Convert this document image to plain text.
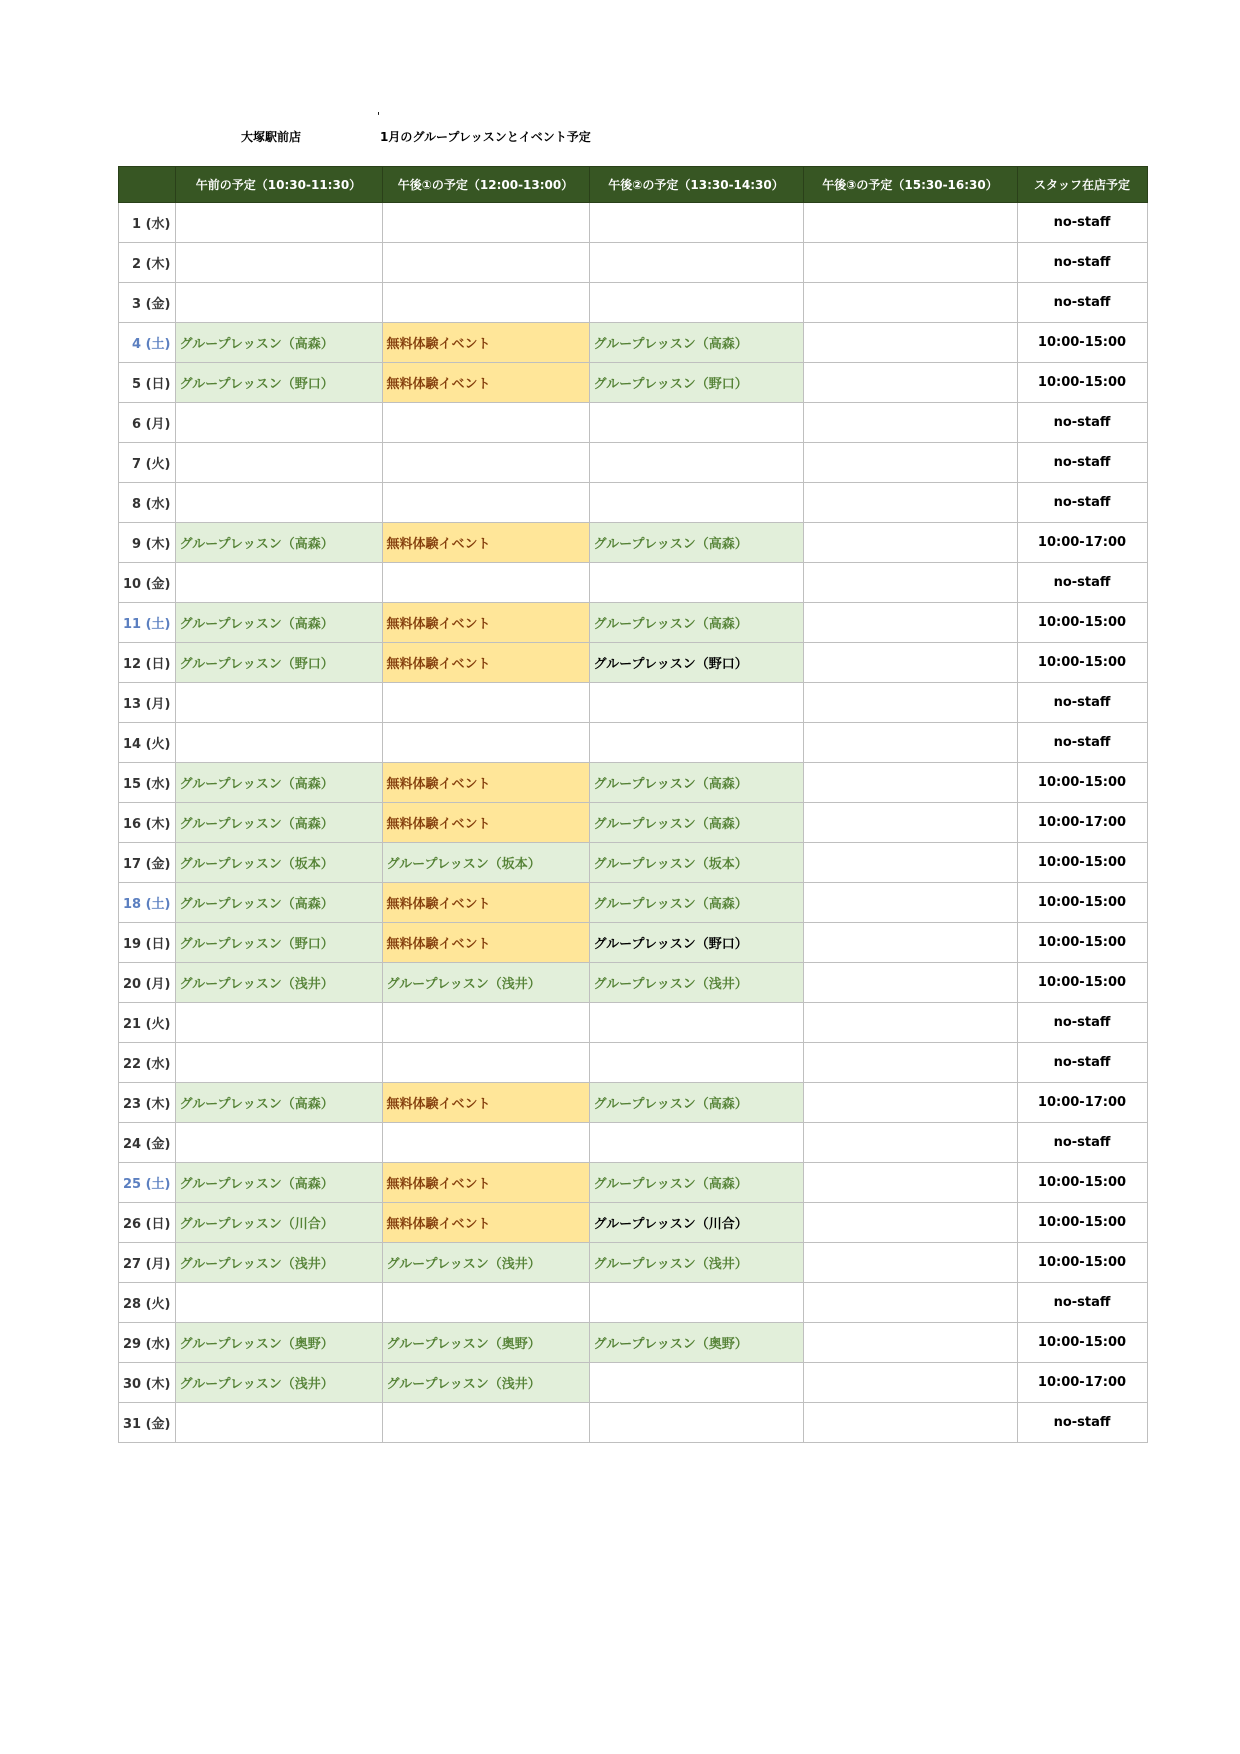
'
大塚駅前店	1月のグループレッスンとイベント予定
	午前の予定（10:30-11:30）	午後①の予定（12:00-13:00）	午後②の予定（13:30-14:30）	午後③の予定（15:30-16:30）	スタッフ在店予定
1 (水)					no-staff
2 (木)					no-staff
3 (金)					no-staff
4 (土)	グループレッスン（高森）	無料体験イベント	グループレッスン（高森）		10:00-15:00
5 (日)	グループレッスン（野口）	無料体験イベント	グループレッスン（野口）		10:00-15:00
6 (月)					no-staff
7 (火)					no-staff
8 (水)					no-staff
9 (木)	グループレッスン（高森）	無料体験イベント	グループレッスン（高森）		10:00-17:00
10 (金)					no-staff
11 (土)	グループレッスン（高森）	無料体験イベント	グループレッスン（高森）		10:00-15:00
12 (日)	グループレッスン（野口）	無料体験イベント	グループレッスン（野口）		10:00-15:00
13 (月)					no-staff
14 (火)					no-staff
15 (水)	グループレッスン（高森）	無料体験イベント	グループレッスン（高森）		10:00-15:00
16 (木)	グループレッスン（高森）	無料体験イベント	グループレッスン（高森）		10:00-17:00
17 (金)	グループレッスン（坂本）	グループレッスン（坂本）	グループレッスン（坂本）		10:00-15:00
18 (土)	グループレッスン（高森）	無料体験イベント	グループレッスン（高森）		10:00-15:00
19 (日)	グループレッスン（野口）	無料体験イベント	グループレッスン（野口）		10:00-15:00
20 (月)	グループレッスン（浅井）	グループレッスン（浅井）	グループレッスン（浅井）		10:00-15:00
21 (火)					no-staff
22 (水)					no-staff
23 (木)	グループレッスン（高森）	無料体験イベント	グループレッスン（高森）		10:00-17:00
24 (金)					no-staff
25 (土)	グループレッスン（高森）	無料体験イベント	グループレッスン（高森）		10:00-15:00
26 (日)	グループレッスン（川合）	無料体験イベント	グループレッスン（川合）		10:00-15:00
27 (月)	グループレッスン（浅井）	グループレッスン（浅井）	グループレッスン（浅井）		10:00-15:00
28 (火)					no-staff
29 (水)	グループレッスン（奥野）	グループレッスン（奥野）	グループレッスン（奥野）		10:00-15:00
30 (木)	グループレッスン（浅井）	グループレッスン（浅井）			10:00-17:00
31 (金)					no-staff
